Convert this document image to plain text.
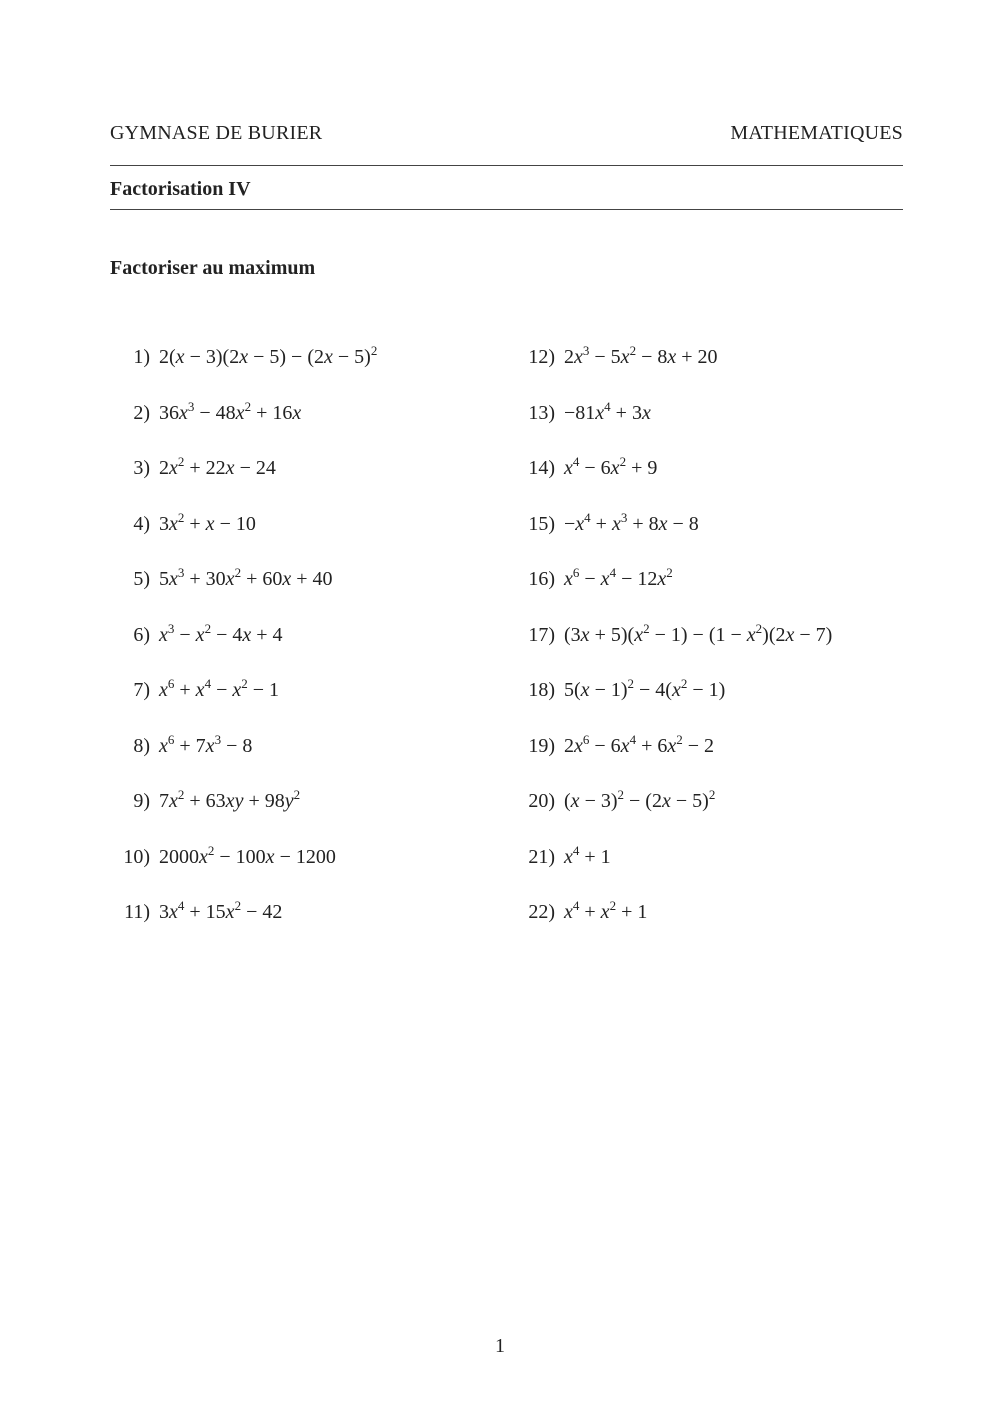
GYMNASE DE BURIER	MATHEMATIQUES
Factorisation IV
Factoriser au maximum
1) $2(x - 3)(2x - 5) - (2x - 5)^2$
2) $36x^3 - 48x^2 + 16x$
3) $2x^2 + 22x - 24$
4) $3x^2 + x - 10$
5) $5x^3 + 30x^2 + 60x + 40$
6) $x^3 - x^2 - 4x + 4$
7) $x^6 + x^4 - x^2 - 1$
8) $x^6 + 7x^3 - 8$
9) $7x^2 + 63xy + 98y^2$
10) $2000x^2 - 100x - 1200$
11) $3x^4 + 15x^2 - 42$
12) $2x^3 - 5x^2 - 8x + 20$
$13) -81x^4 + 3x$
14) $x^4 - 6x^2 + 9$
$15) -x^4 + x^3 + 8x - 8$
16) $x^6 - x^4 - 12x^2$
17) $(3x + 5)(x^2 - 1) - (1 - x^2)(2x - 7)$
18) $5(x - 1)^2 - 4(x^2 - 1)$
19) $2x^6 - 6x^4 + 6x^2 - 2$
20) $(x - 3)^2 - (2x - 5)^2$
21) $x^4 + 1$
22) $x^4 + x^2 + 1$
1
